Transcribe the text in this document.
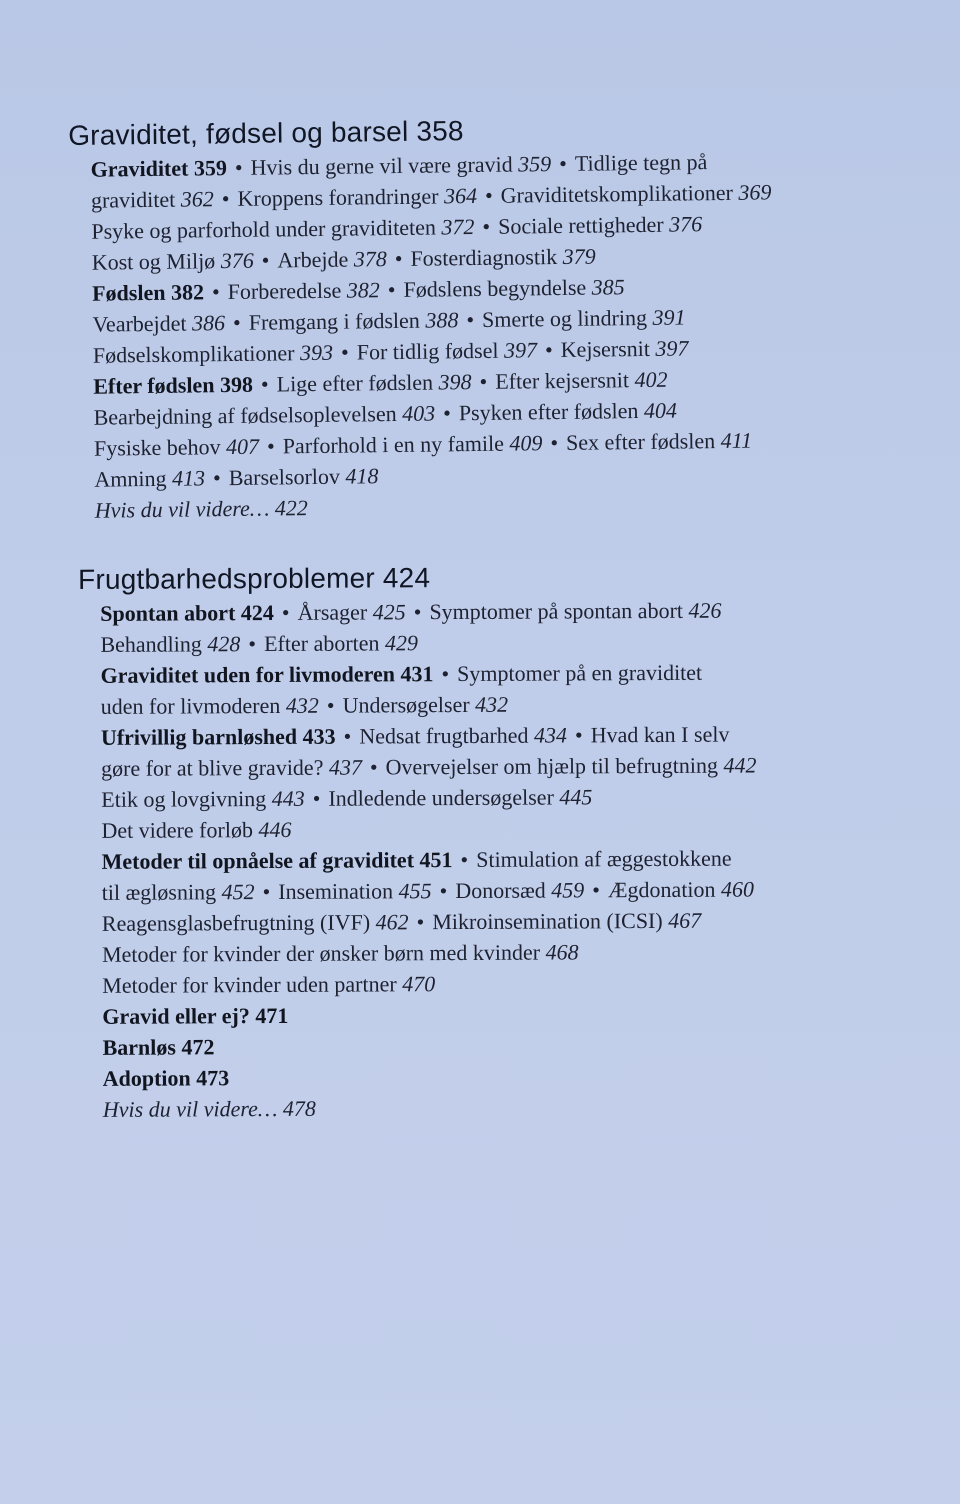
Graviditet, fødsel og barsel 358
Graviditet 359 • Hvis du gerne vil være gravid 359 • Tidlige tegn på
graviditet 362 • Kroppens forandringer 364 • Graviditetskomplikationer 369
Psyke og parforhold under graviditeten 372 • Sociale rettigheder 376
Kost og Miljø 376 • Arbejde 378 • Fosterdiagnostik 379
Fødslen 382 • Forberedelse 382 • Fødslens begyndelse 385
Vearbejdet 386 • Fremgang i fødslen 388 • Smerte og lindring 391
Fødselskomplikationer 393 • For tidlig fødsel 397 • Kejsersnit 397
Efter fødslen 398 • Lige efter fødslen 398 • Efter kejsersnit 402
Bearbejdning af fødselsoplevelsen 403 • Psyken efter fødslen 404
Fysiske behov 407 • Parforhold i en ny famile 409 • Sex efter fødslen 411
Amning 413 • Barselsorlov 418
Hvis du vil videre… 422
Frugtbarhedsproblemer 424
Spontan abort 424 • Årsager 425 • Symptomer på spontan abort 426
Behandling 428 • Efter aborten 429
Graviditet uden for livmoderen 431 • Symptomer på en graviditet
uden for livmoderen 432 • Undersøgelser 432
Ufrivillig barnløshed 433 • Nedsat frugtbarhed 434 • Hvad kan I selv
gøre for at blive gravide? 437 • Overvejelser om hjælp til befrugtning 442
Etik og lovgivning 443 • Indledende undersøgelser 445
Det videre forløb 446
Metoder til opnåelse af graviditet 451 • Stimulation af æggestokkene
til ægløsning 452 • Insemination 455 • Donorsæd 459 • Ægdonation 460
Reagensglasbefrugtning (IVF) 462 • Mikroinsemination (ICSI) 467
Metoder for kvinder der ønsker børn med kvinder 468
Metoder for kvinder uden partner 470
Gravid eller ej? 471
Barnløs 472
Adoption 473
Hvis du vil videre… 478
